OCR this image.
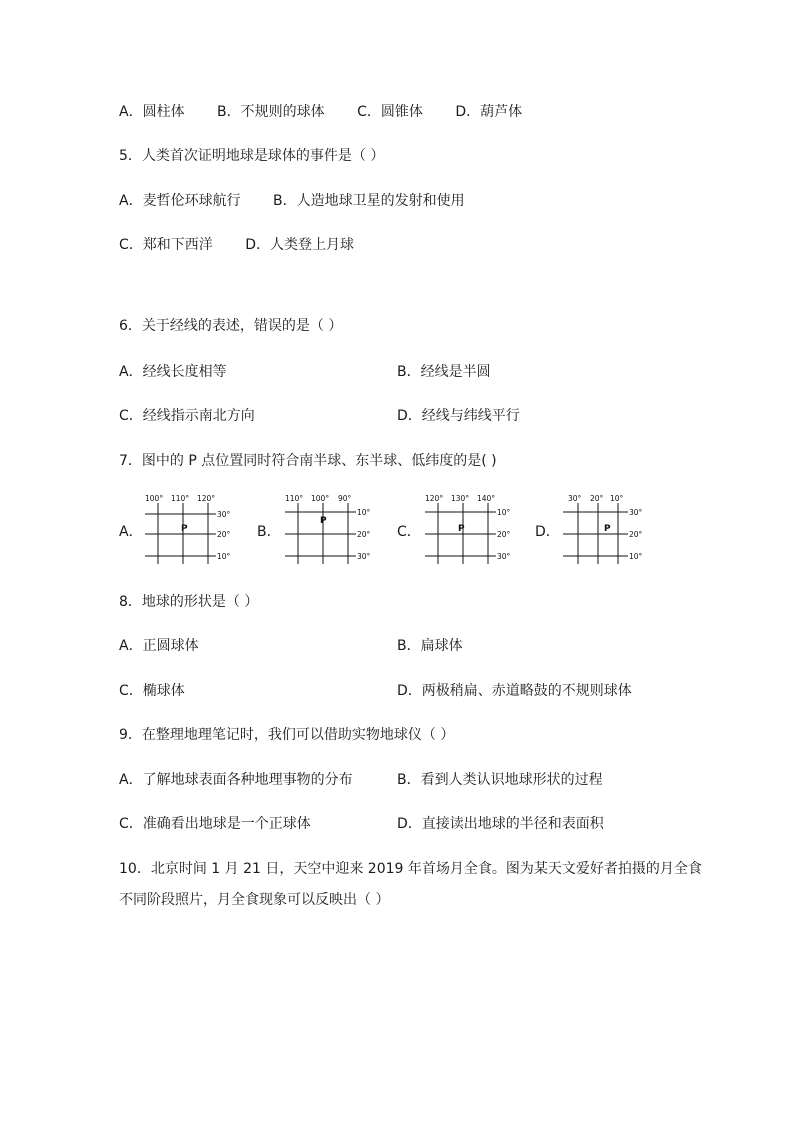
A．圆柱体 B．不规则的球体 C．圆锥体 D．葫芦体
5．人类首次证明地球是球体的事件是（ ）
A．麦哲伦环球航行 B．人造地球卫星的发射和使用
C．郑和下西洋 D．人类登上月球
6．关于经线的表述，错误的是（ ）
A．经线长度相等	B．经线是半圆
C．经线指示南北方向	D．经线与纬线平行
7．图中的 P 点位置同时符合南半球、东半球、低纬度的是( )
A．
100° 110° 120°
30°
20°
10°
P	B．
110° 100° 90°
10°
20°
30°
P
C．
120° 130° 140°
10°
20°
30°
P	D．
30° 20° 10°
30°
20°
10°
P
8．地球的形状是（ ）
A．正圆球体	B．扁球体
C．椭球体	D．两极稍扁、赤道略鼓的不规则球体
9．在整理地理笔记时，我们可以借助实物地球仪（ ）
A．了解地球表面各种地理事物的分布	B．看到人类认识地球形状的过程
C．准确看出地球是一个正球体	D．直接读出地球的半径和表面积
10．北京时间 1 月 21 日，天空中迎来 2019 年首场月全食。图为某天文爱好者拍摄的月全食
不同阶段照片，月全食现象可以反映出（ ）
